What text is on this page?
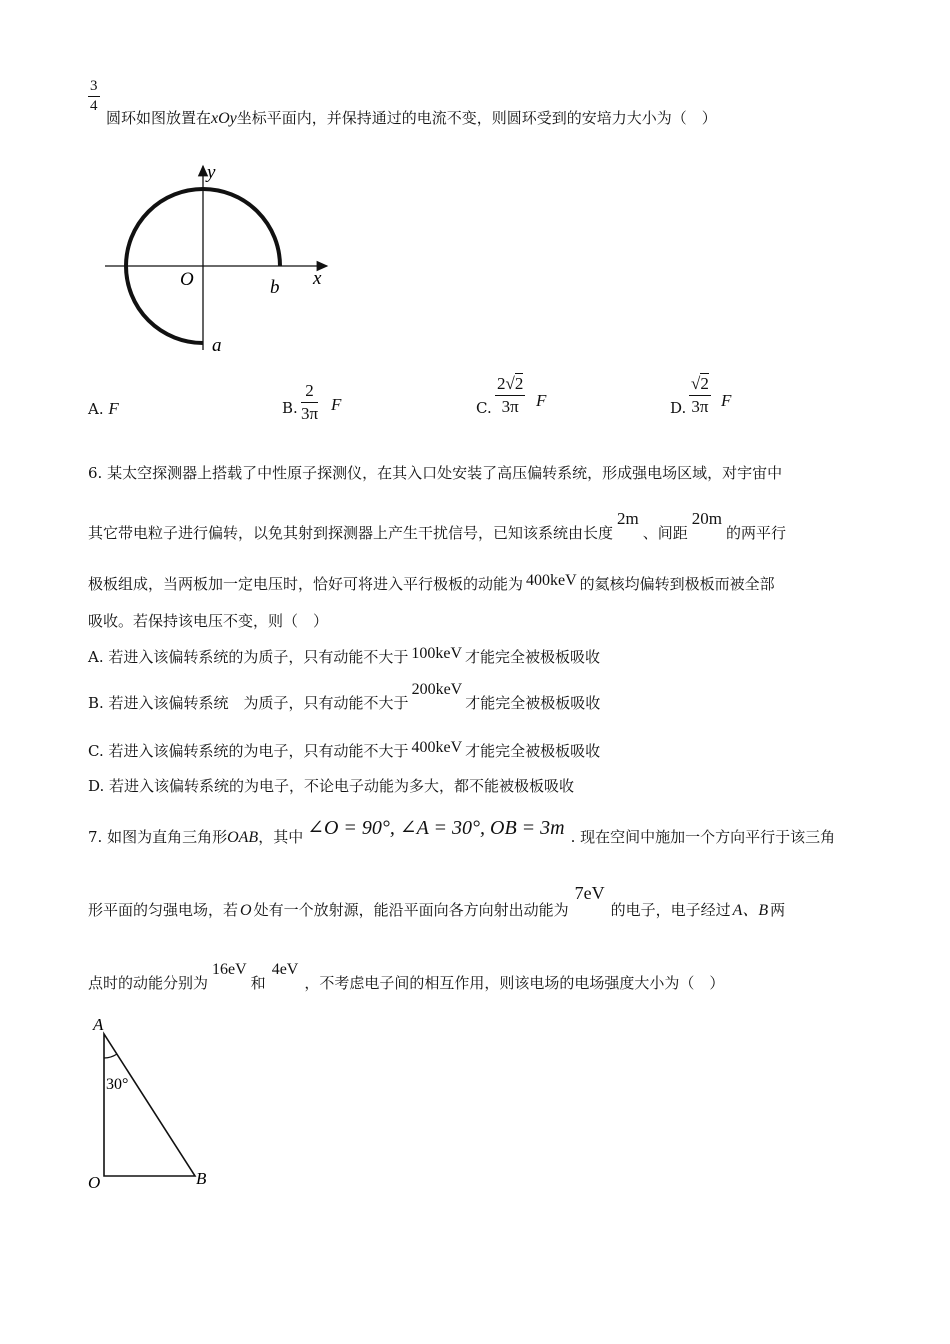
3
4
圆环如图放置在xOy坐标平面内，并保持通过的电流不变，则圆环受到的安培力大小为（　）
y
x
O	b
a
A. F	B.
2
3π F	C.
2√2
3π	F	D.
√2
3π F
6. 某太空探测器上搭载了中性原子探测仪，在其入口处安装了高压偏转系统，形成强电场区域，对宇宙中
其它带电粒子进行偏转，以免其射到探测器上产生干扰信号，已知该系统由长度2m、间距20m的两平行
极板组成，当两板加一定电压时，恰好可将进入平行极板的动能为 400keV 的氦核均偏转到极板而被全部
吸收。若保持该电压不变，则（　）
A. 若进入该偏转系统的为质子，只有动能不大于 100keV 才能完全被极板吸收
B. 若进入该偏转系统　为质子，只有动能不大于200keV才能完全被极板吸收
C. 若进入该偏转系统的为电子，只有动能不大于 400keV 才能完全被极板吸收
D. 若进入该偏转系统的为电子，不论电子动能为多大，都不能被极板吸收
7. 如图为直角三角形OAB，其中 ∠O = 90°, ∠A = 30°, OB = 3m . 现在空间中施加一个方向平行于该三角
形平面的匀强电场，若 O 处有一个放射源，能沿平面向各方向射出动能为7eV的电子，电子经过 A、B 两
点时的动能分别为16eV和4eV，不考虑电子间的相互作用，则该电场的电场强度大小为（　）
A
O	B
30°
